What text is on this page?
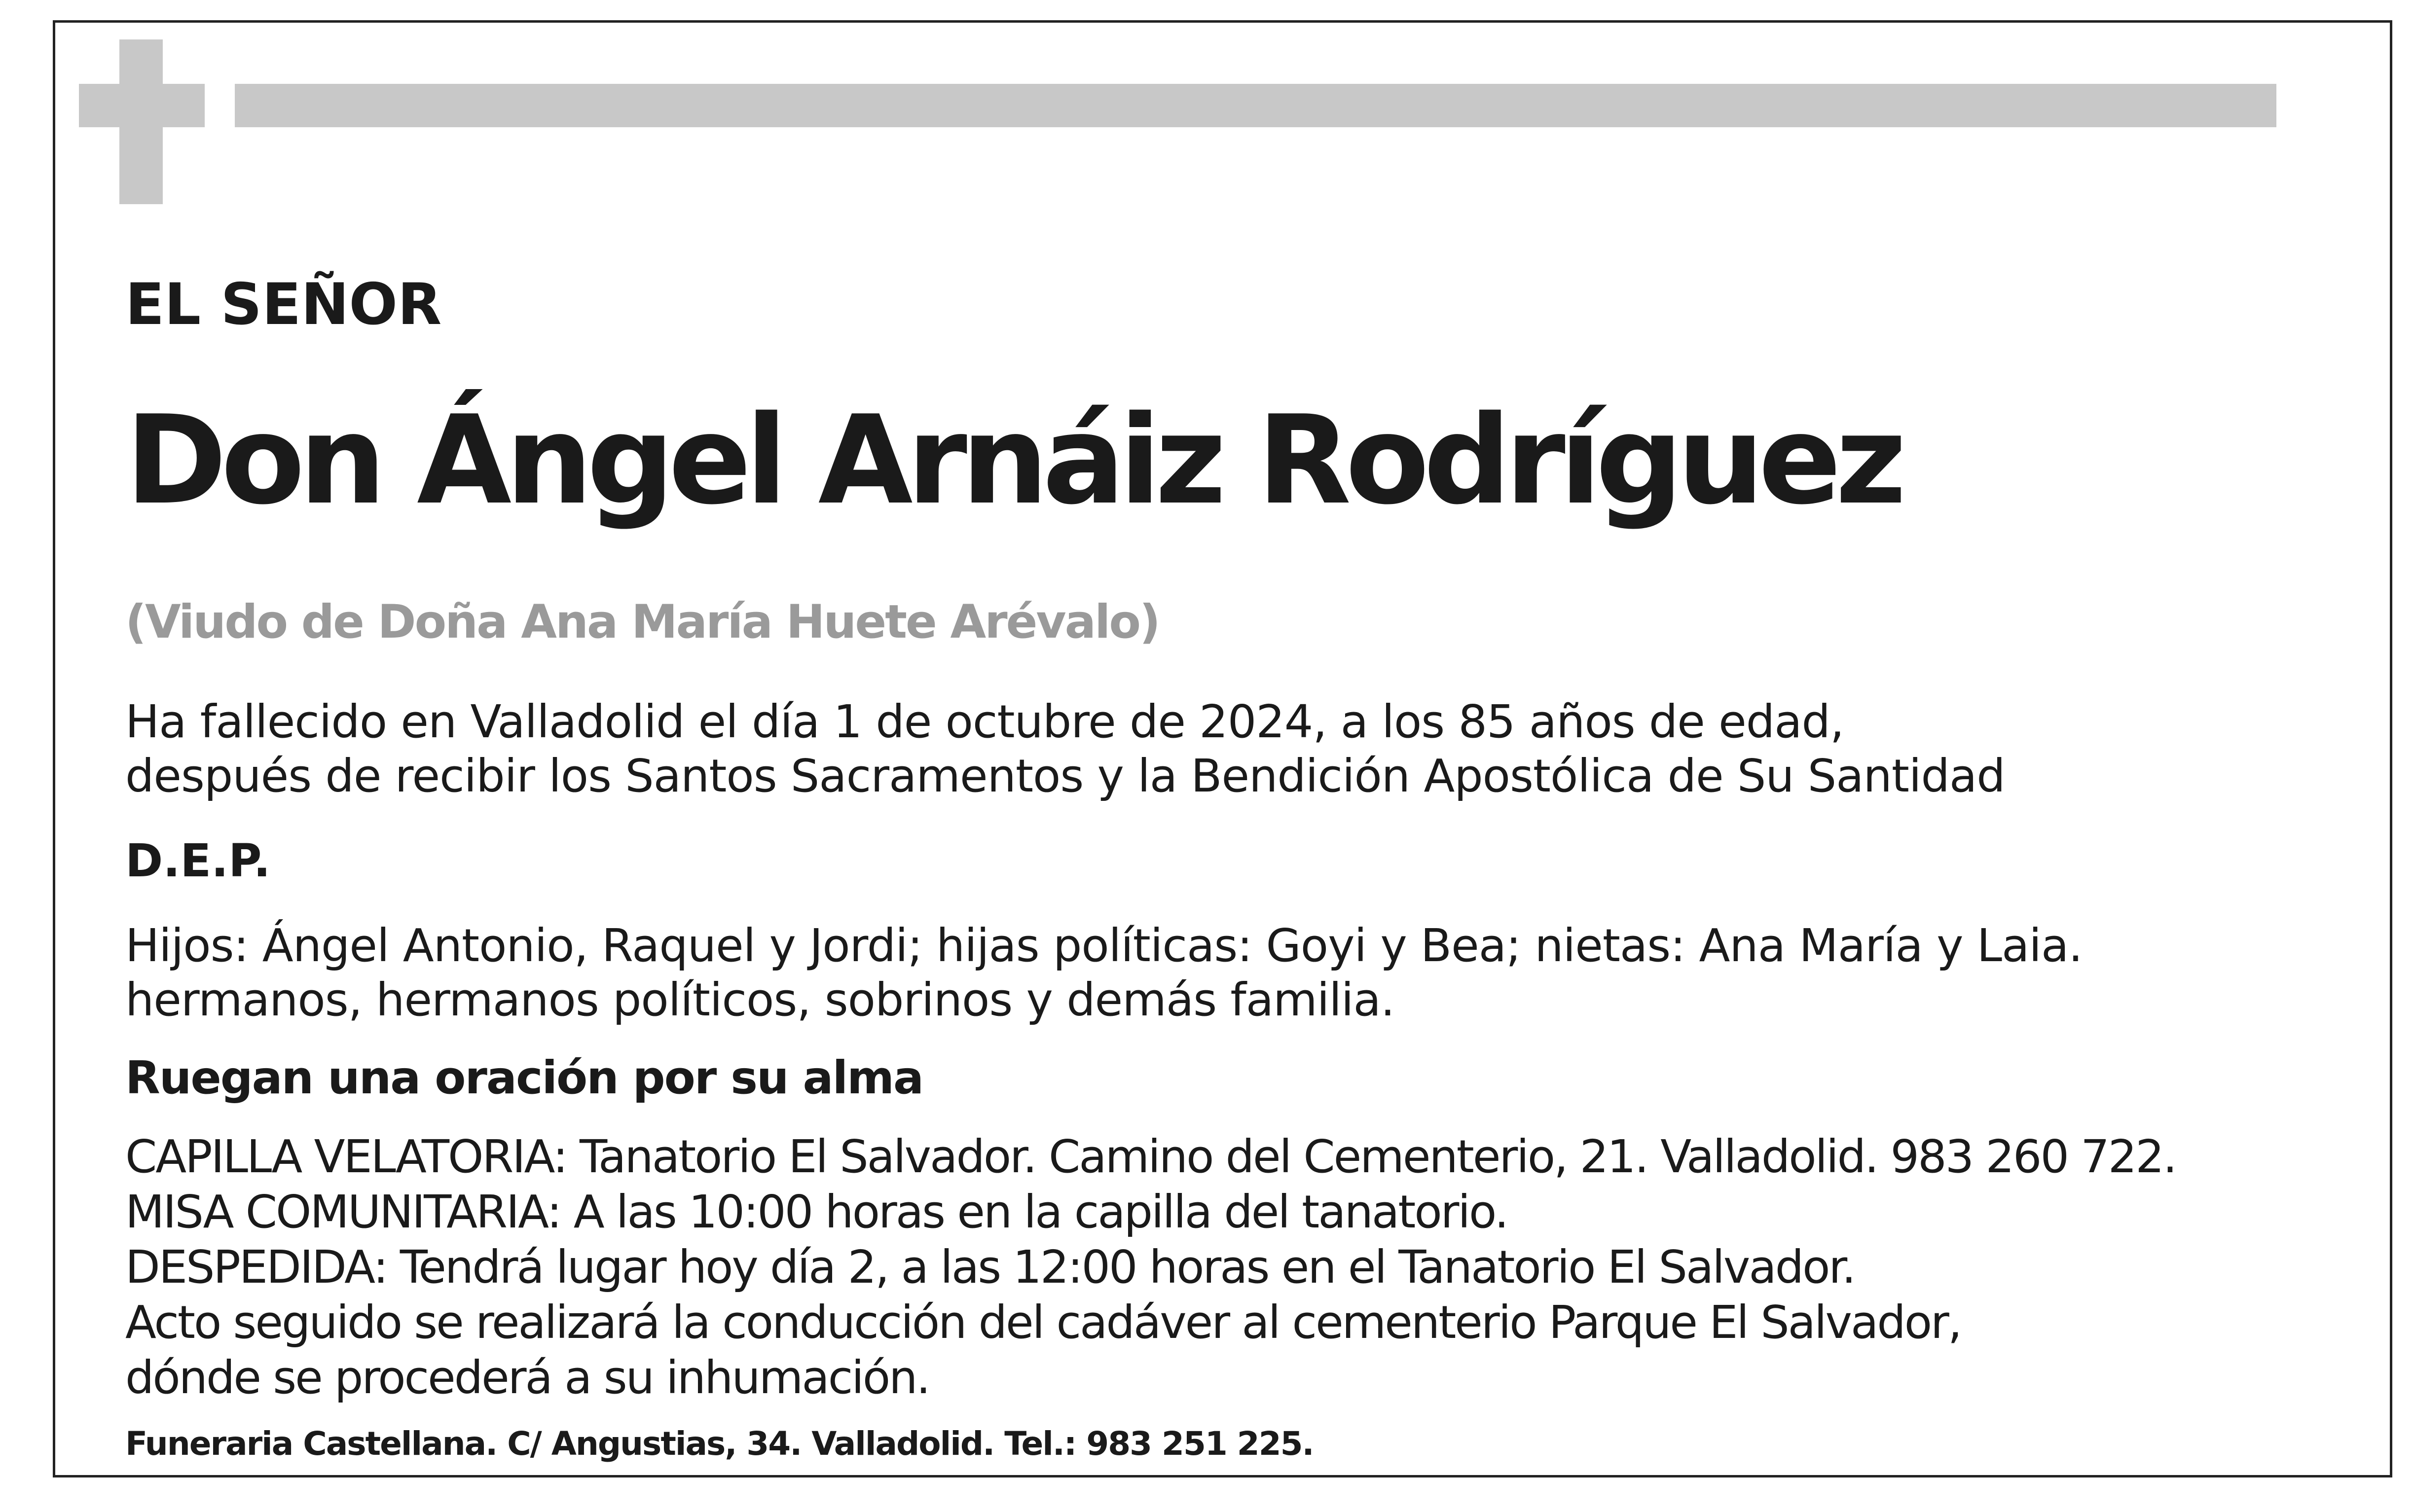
EL SEÑOR

Don Ángel Arnáiz Rodríguez

(Viudo de Doña Ana María Huete Arévalo)

Ha fallecido en Valladolid el día 1 de octubre de 2024, a los 85 años de edad,

después de recibir los Santos Sacramentos y la Bendición Apostólica de Su Santidad

D.E.P.

Hijos: Ángel Antonio, Raquel y Jordi; hijas políticas: Goyi y Bea; nietas: Ana María y Laia.

hermanos, hermanos políticos, sobrinos y demás familia.

Ruegan una oración por su alma

CAPILLA VELATORIA: Tanatorio El Salvador. Camino del Cementerio, 21. Valladolid. 983 260 722.

MISA COMUNITARIA: A las 10:00 horas en la capilla del tanatorio.

DESPEDIDA: Tendrá lugar hoy día 2, a las 12:00 horas en el Tanatorio El Salvador.

Acto seguido se realizará la conducción del cadáver al cementerio Parque El Salvador,

dónde se procederá a su inhumación.

Funeraria Castellana. C/ Angustias, 34. Valladolid. Tel.: 983 251 225.
